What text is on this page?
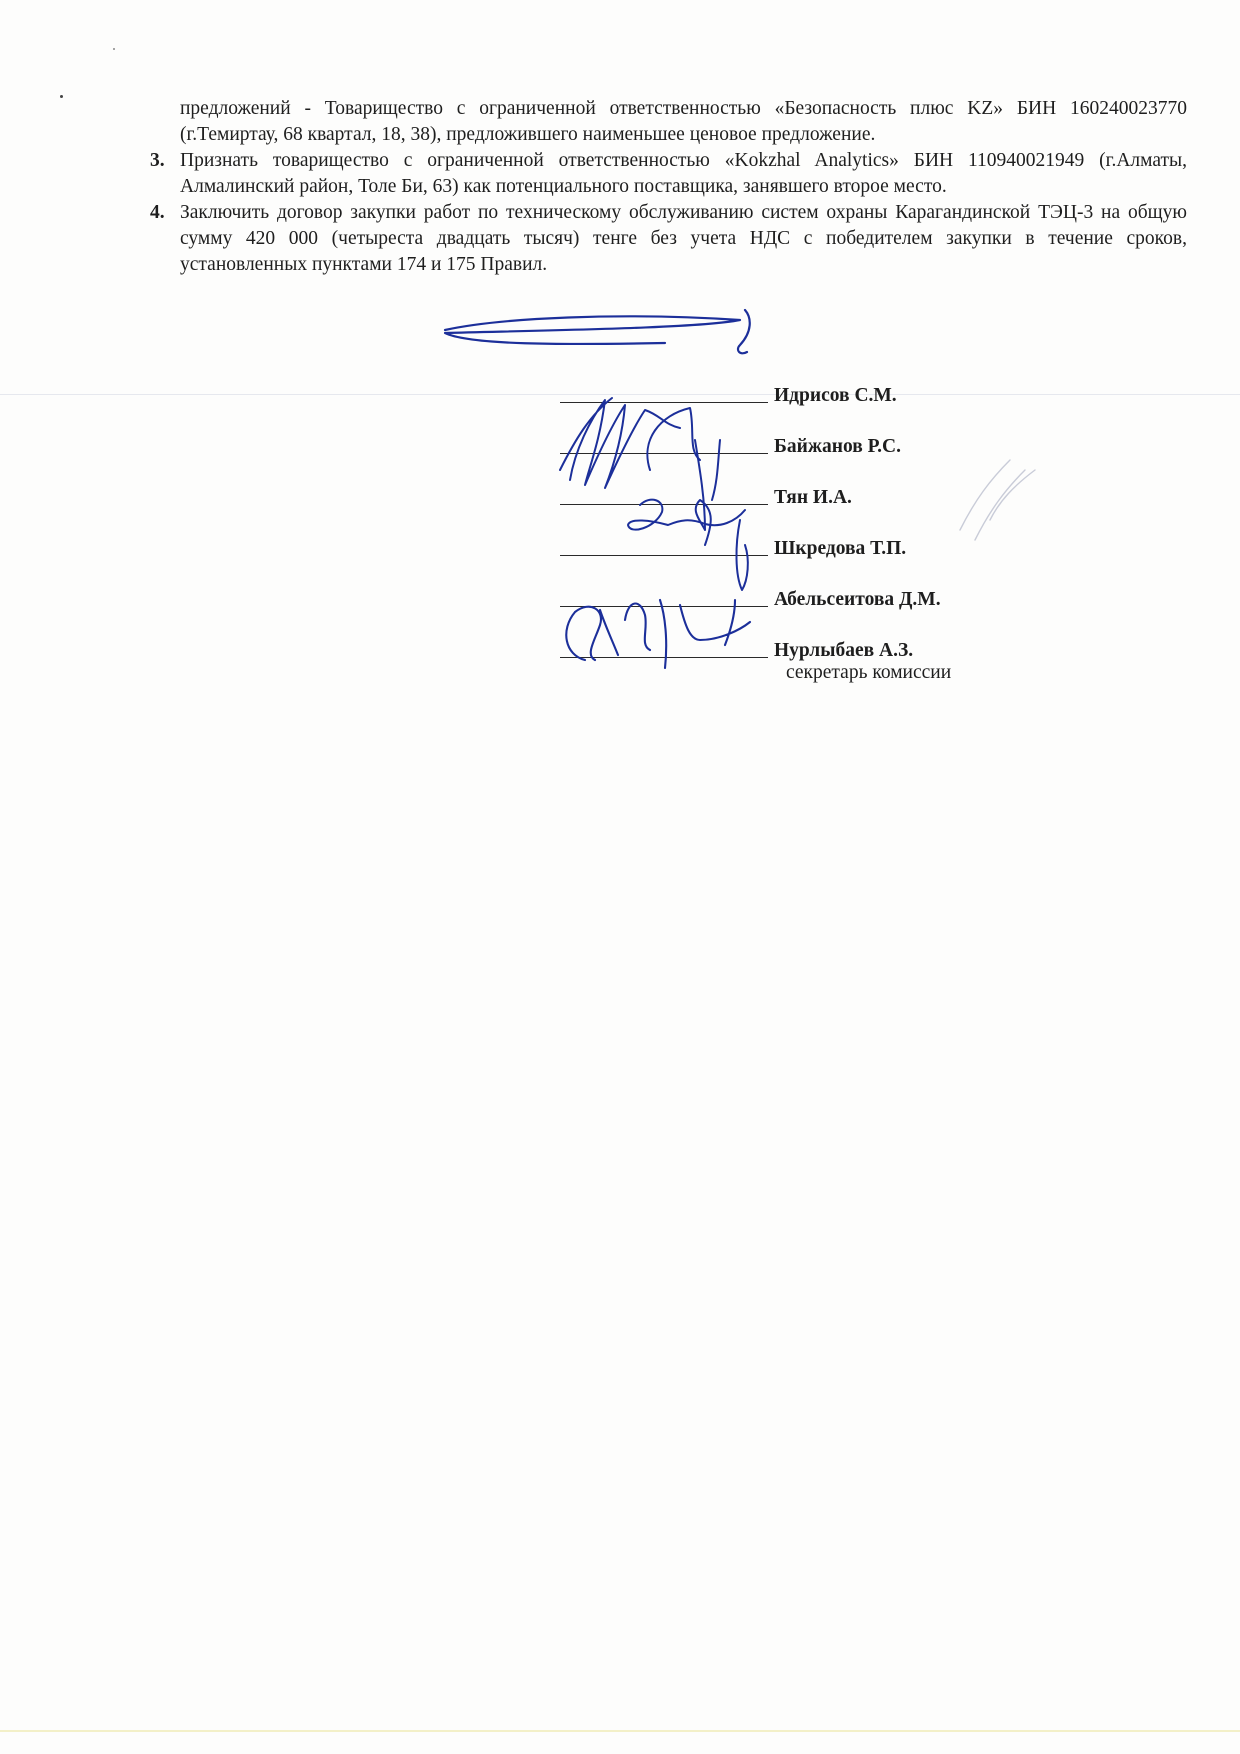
предложений - Товарищество с ограниченной ответственностью «Безопасность плюс KZ» БИН 160240023770 (г.Темиртау, 68 квартал, 18, 38), предложившего наименьшее ценовое предложение.

3. Признать товарищество с ограниченной ответственностью «Kokzhal Analytics» БИН 110940021949 (г.Алматы, Алмалинский район, Толе Би, 63) как потенциального поставщика, занявшего второе место.
4. Заключить договор закупки работ по техническому обслуживанию систем охраны Карагандинской ТЭЦ-3 на общую сумму 420 000 (четыреста двадцать тысяч) тенге без учета НДС с победителем закупки в течение сроков, установленных пунктами 174 и 175 Правил.
Идрисов С.М.
Байжанов Р.С.
Тян И.А.
Шкредова Т.П.
Абельсеитова Д.М.
Нурлыбаев А.З.
секретарь комиссии
